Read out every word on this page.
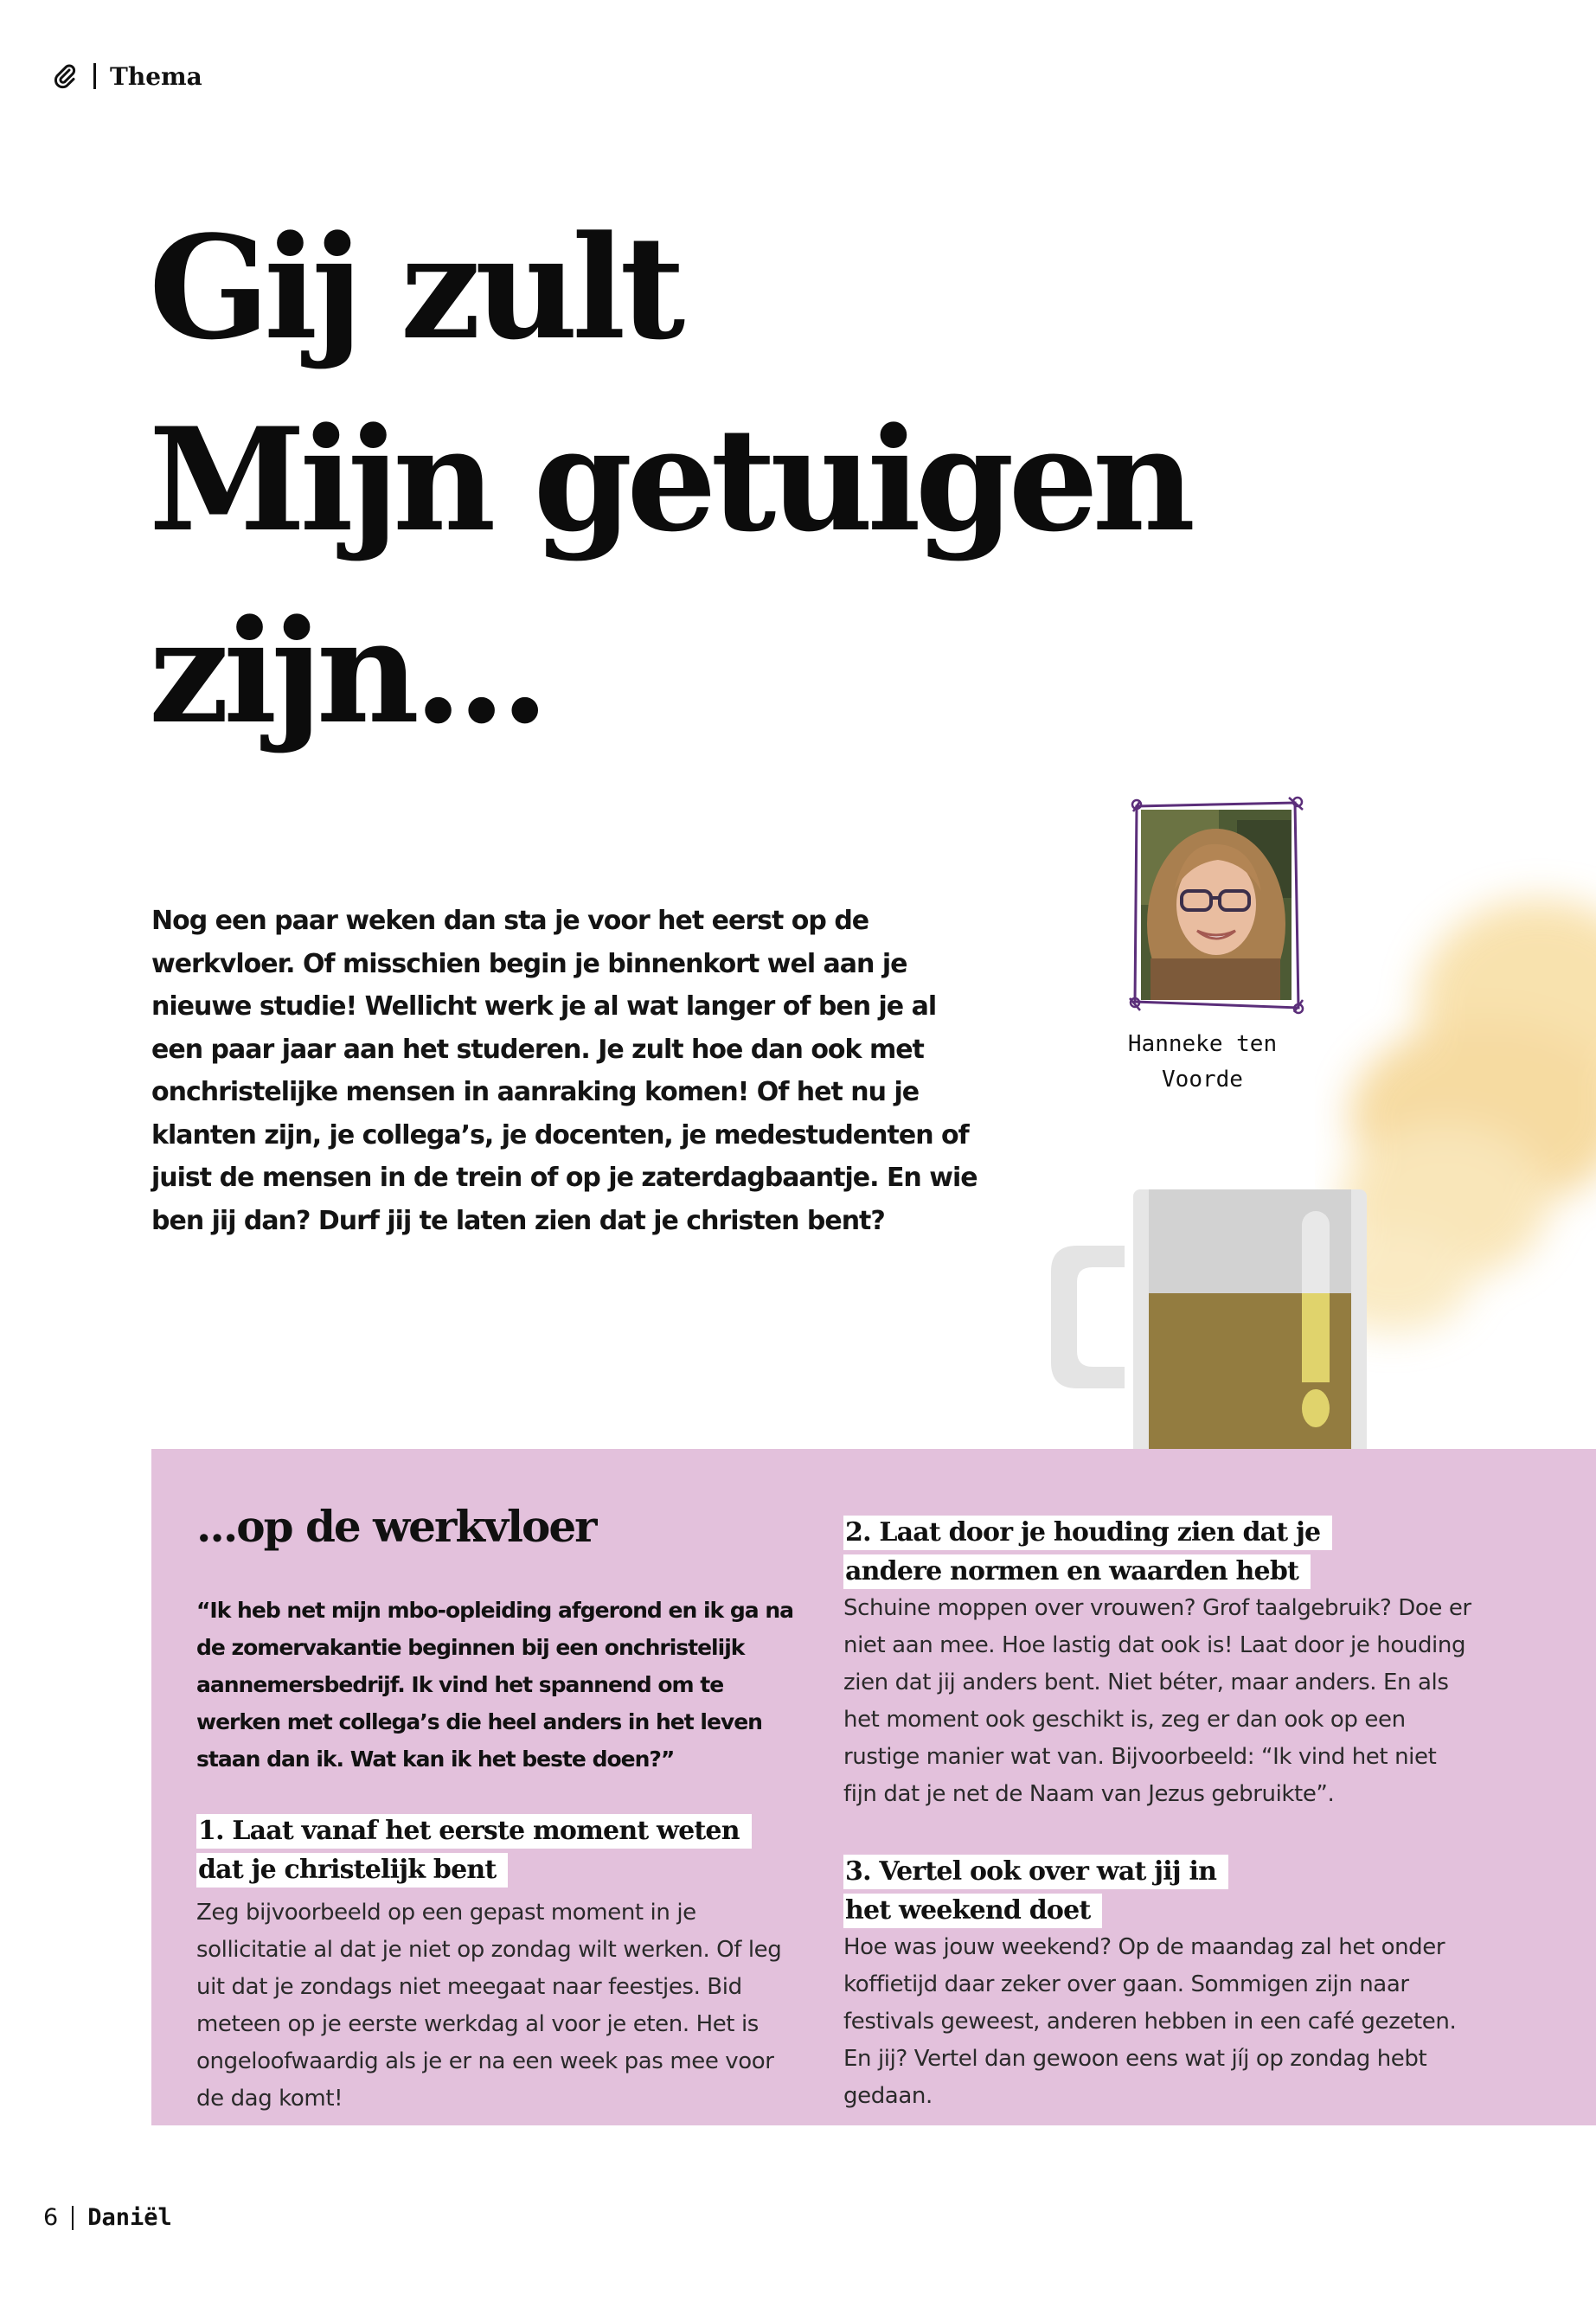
Thema
Gij zult
Mijn getuigen
zijn...

Nog een paar weken dan sta je voor het eerst op de werkvloer. Of misschien begin je binnenkort wel aan je nieuwe studie! Wellicht werk je al wat langer of ben je al een paar jaar aan het studeren. Je zult hoe dan ook met onchristelijke mensen in aanraking komen! Of het nu je klanten zijn, je collega’s, je docenten, je medestudenten of juist de mensen in de trein of op je zaterdagbaantje. En wie ben jij dan? Durf jij te laten zien dat je christen bent?

Hanneke ten
Voorde
...op de werkvloer

“Ik heb net mijn mbo-opleiding afgerond en ik ga na de zomervakantie beginnen bij een onchristelijk aannemersbedrijf. Ik vind het spannend om te werken met collega’s die heel anders in het leven staan dan ik. Wat kan ik het beste doen?”

1. Laat vanaf het eerste moment weten
dat je christelijk bent

Zeg bijvoorbeeld op een gepast moment in je sollicitatie al dat je niet op zondag wilt werken. Of leg uit dat je zondags niet meegaat naar feestjes. Bid meteen op je eerste werkdag al voor je eten. Het is ongeloofwaardig als je er na een week pas mee voor de dag komt!

2. Laat door je houding zien dat je
andere normen en waarden hebt

Schuine moppen over vrouwen? Grof taalgebruik? Doe er niet aan mee. Hoe lastig dat ook is! Laat door je houding zien dat jij anders bent. Niet béter, maar anders. En als het moment ook geschikt is, zeg er dan ook op een rustige manier wat van. Bijvoorbeeld: “Ik vind het niet fijn dat je net de Naam van Jezus gebruikte”.

3. Vertel ook over wat jij in
het weekend doet

Hoe was jouw weekend? Op de maandag zal het onder koffietijd daar zeker over gaan. Sommigen zijn naar festivals geweest, anderen hebben in een café gezeten. En jij? Vertel dan gewoon eens wat jíj op zondag hebt gedaan.

6 Daniël
